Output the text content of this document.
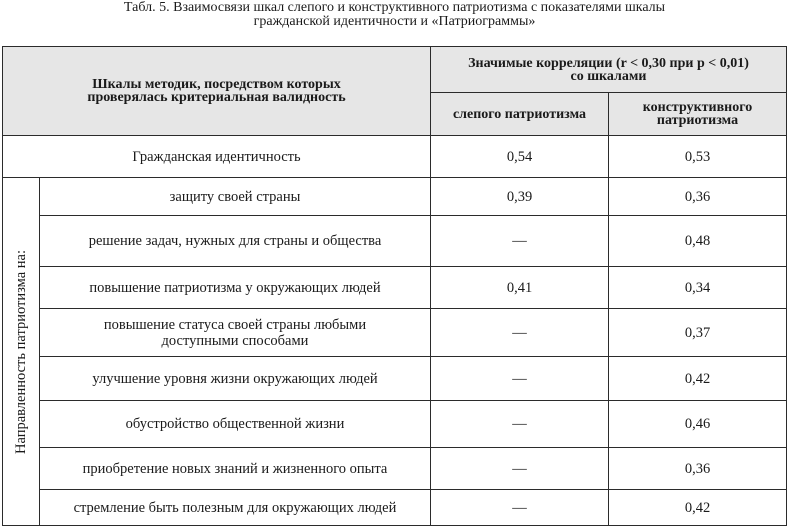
Табл. 5. Взаимосвязи шкал слепого и конструктивного патриотизма с показателями шкалы
гражданской идентичности и «Патриограммы»
Шкалы методик, посредством которых проверялась критериальная валидность		Значимые корреляции (r < 0,30 при p < 0,01)
со шкалами	

		слепого патриотизма	конструктивного патриотизма
Гражданская идентичность		0,54	0,53

Направленность патриотизма на:	защиту своей страны	0,39	0,36
	решение задач, нужных для страны и общества	—	0,48
	повышение патриотизма у окружающих людей	0,41	0,34
	повышение статуса своей страны любыми доступными способами	—	0,37
	улучшение уровня жизни окружающих людей	—	0,42
	обустройство общественной жизни	—	0,46
	приобретение новых знаний и жизненного опыта	—	0,36
	стремление быть полезным для окружающих людей	—	0,42
